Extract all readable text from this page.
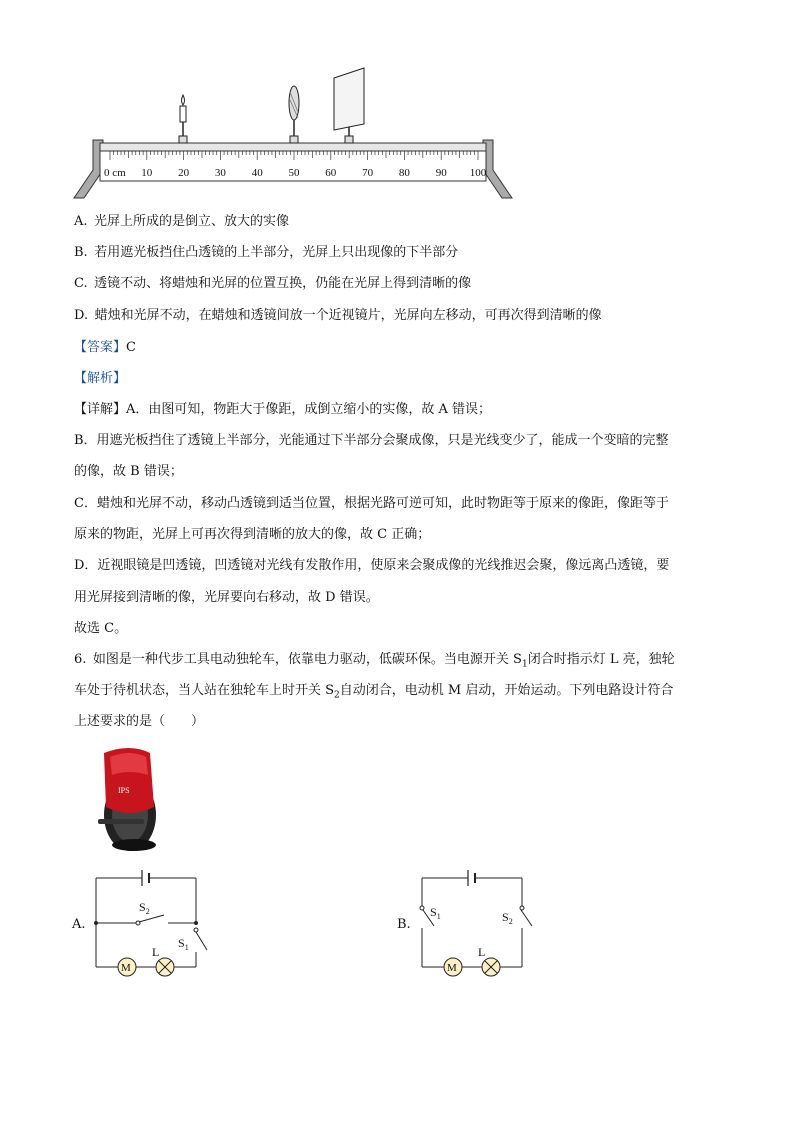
0 cm 10 20 30 40 50 60 70 80 90 100
A.  光屏上所成的是倒立、放大的实像
B.  若用遮光板挡住凸透镜的上半部分，光屏上只出现像的下半部分
C.  透镜不动、将蜡烛和光屏的位置互换，仍能在光屏上得到清晰的像
D.  蜡烛和光屏不动，在蜡烛和透镜间放一个近视镜片，光屏向左移动，可再次得到清晰的像
【答案】C
【解析】
【详解】A．由图可知，物距大于像距，成倒立缩小的实像，故 A 错误；
B．用遮光板挡住了透镜上半部分，光能通过下半部分会聚成像，只是光线变少了，能成一个变暗的完整
的像，故 B 错误；
C．蜡烛和光屏不动，移动凸透镜到适当位置，根据光路可逆可知，此时物距等于原来的像距，像距等于
原来的物距，光屏上可再次得到清晰的放大的像，故 C 正确；
D．近视眼镜是凹透镜，凹透镜对光线有发散作用，使原来会聚成像的光线推迟会聚，像远离凸透镜，要
用光屏接到清晰的像，光屏要向右移动，故 D 错误。
故选 C。
6.  如图是一种代步工具电动独轮车，依靠电力驱动，低碳环保。当电源开关 $S_1$闭合时指示灯 L 亮，独轮
车处于待机状态，当人站在独轮车上时开关 $S_2$自动闭合，电动机 M 启动，开始运动。下列电路设计符合
上述要求的是（　　）
IPS
A.
$S_2$
$S_1$
M
L
B.
$S_1$	$S_2$
M
L
